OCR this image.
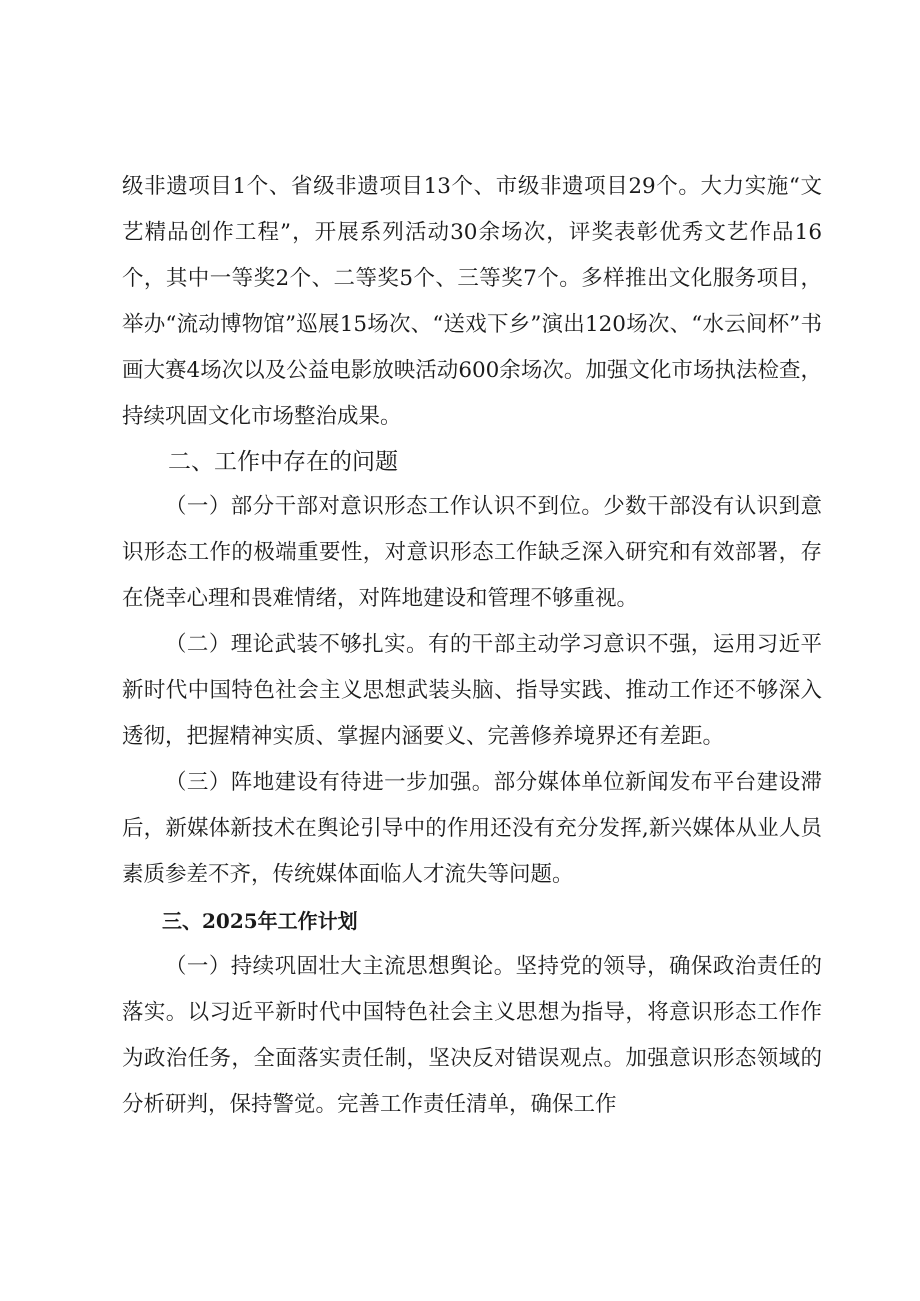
级非遗项目1个、省级非遗项目13个、市级非遗项目29个。大力实施“文艺精品创作工程”，开展系列活动30余场次，评奖表彰优秀文艺作品16个，其中一等奖2个、二等奖5个、三等奖7个。多样推出文化服务项目，举办“流动博物馆”巡展15场次、“送戏下乡”演出120场次、“水云间杯”书画大赛4场次以及公益电影放映活动600余场次。加强文化市场执法检查，持续巩固文化市场整治成果。

二、工作中存在的问题

（一）部分干部对意识形态工作认识不到位。少数干部没有认识到意识形态工作的极端重要性，对意识形态工作缺乏深入研究和有效部署，存在侥幸心理和畏难情绪，对阵地建设和管理不够重视。

（二）理论武装不够扎实。有的干部主动学习意识不强，运用习近平新时代中国特色社会主义思想武装头脑、指导实践、推动工作还不够深入透彻，把握精神实质、掌握内涵要义、完善修养境界还有差距。

（三）阵地建设有待进一步加强。部分媒体单位新闻发布平台建设滞后，新媒体新技术在舆论引导中的作用还没有充分发挥,新兴媒体从业人员素质参差不齐，传统媒体面临人才流失等问题。

三、2025年工作计划

（一）持续巩固壮大主流思想舆论。坚持党的领导，确保政治责任的落实。以习近平新时代中国特色社会主义思想为指导，将意识形态工作作为政治任务，全面落实责任制，坚决反对错误观点。加强意识形态领域的分析研判，保持警觉。完善工作责任清单，确保工作
